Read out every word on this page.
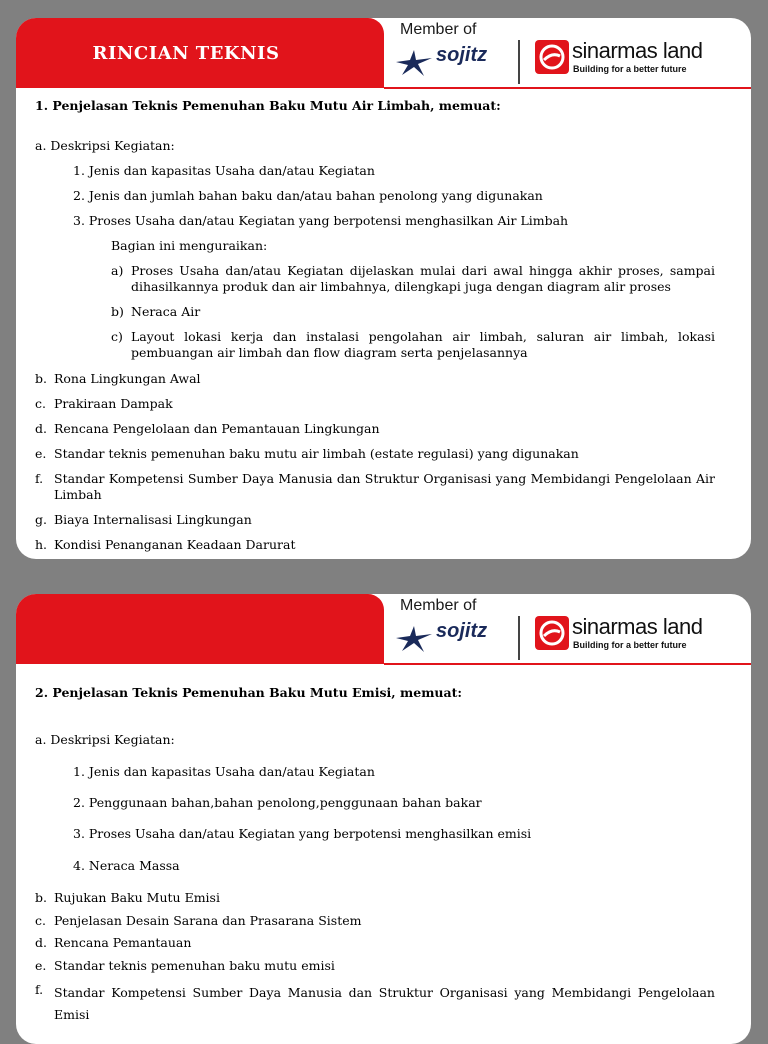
RINCIAN TEKNIS
Member of
sojitz	sinarmas land
Building for a better future
1. Penjelasan Teknis Pemenuhan Baku Mutu Air Limbah, memuat:
a. Deskripsi Kegiatan:
1. Jenis dan kapasitas Usaha dan/atau Kegiatan
2. Jenis dan jumlah bahan baku dan/atau bahan penolong yang digunakan
3. Proses Usaha dan/atau Kegiatan yang berpotensi menghasilkan Air Limbah
Bagian ini menguraikan:
a) Proses Usaha dan/atau Kegiatan dijelaskan mulai dari awal hingga akhir proses, sampai dihasilkannya produk dan air limbahnya, dilengkapi juga dengan diagram alir proses
b) Neraca Air
c) Layout lokasi kerja dan instalasi pengolahan air limbah, saluran air limbah, lokasi pembuangan air limbah dan flow diagram serta penjelasannya
b. Rona Lingkungan Awal
c. Prakiraan Dampak
d. Rencana Pengelolaan dan Pemantauan Lingkungan
e. Standar teknis pemenuhan baku mutu air limbah (estate regulasi) yang digunakan
f. Standar Kompetensi Sumber Daya Manusia dan Struktur Organisasi yang Membidangi Pengelolaan Air Limbah
g. Biaya Internalisasi Lingkungan
h. Kondisi Penanganan Keadaan Darurat
Member of
sojitz	sinarmas land
Building for a better future
2. Penjelasan Teknis Pemenuhan Baku Mutu Emisi, memuat:
a. Deskripsi Kegiatan:
1. Jenis dan kapasitas Usaha dan/atau Kegiatan
2. Penggunaan bahan,bahan penolong,penggunaan bahan bakar
3. Proses Usaha dan/atau Kegiatan yang berpotensi menghasilkan emisi
4. Neraca Massa
b. Rujukan Baku Mutu Emisi
c. Penjelasan Desain Sarana dan Prasarana Sistem
d. Rencana Pemantauan
e. Standar teknis pemenuhan baku mutu emisi
f. Standar Kompetensi Sumber Daya Manusia dan Struktur Organisasi yang Membidangi Pengelolaan Emisi
